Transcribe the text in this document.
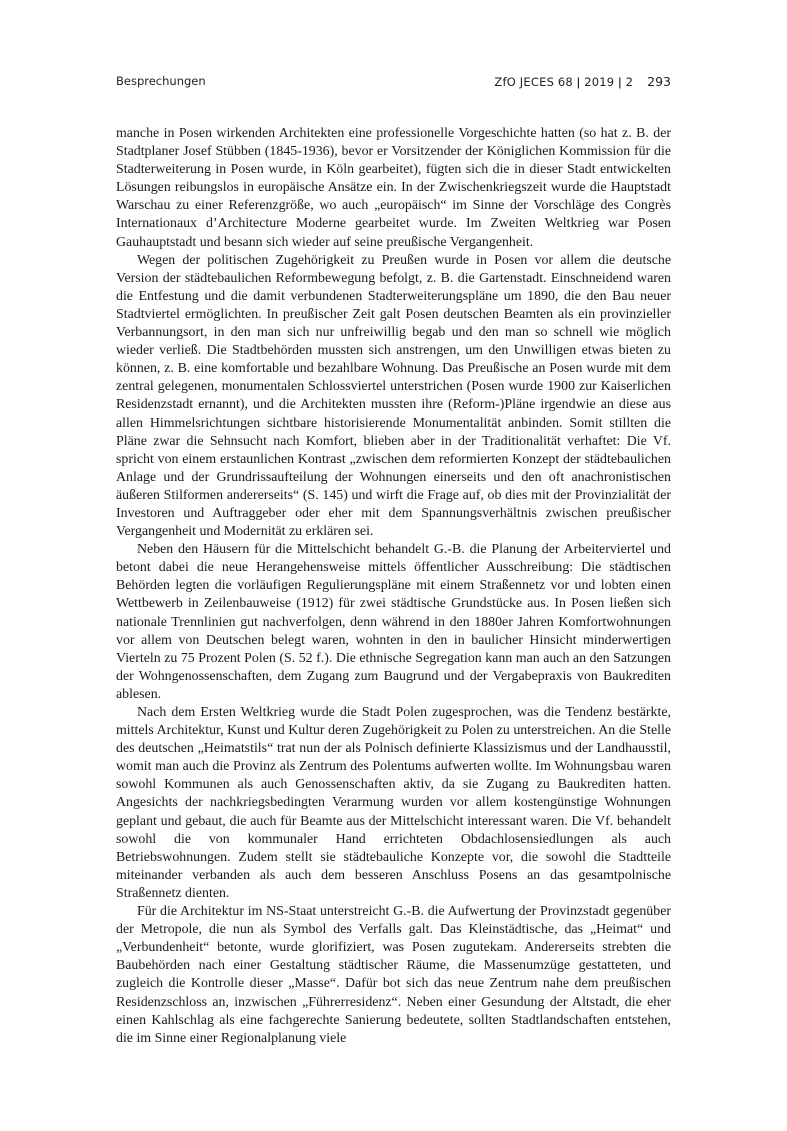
Besprechungen	ZfO JECES 68 ǀ 2019 ǀ 2 293

manche in Posen wirkenden Architekten eine professionelle Vorgeschichte hatten (so hat z. B. der Stadtplaner Josef Stübben (1845-1936), bevor er Vorsitzender der Königlichen Kommission für die Stadterweiterung in Posen wurde, in Köln gearbeitet), fügten sich die in dieser Stadt entwickelten Lösungen reibungslos in europäische Ansätze ein. In der Zwischenkriegszeit wurde die Hauptstadt Warschau zu einer Referenzgröße, wo auch „europäisch“ im Sinne der Vorschläge des Congrès Internationaux d’Architecture Moderne gearbeitet wurde. Im Zweiten Weltkrieg war Posen Gauhauptstadt und besann sich wieder auf seine preußische Vergangenheit.

Wegen der politischen Zugehörigkeit zu Preußen wurde in Posen vor allem die deutsche Version der städtebaulichen Reformbewegung befolgt, z. B. die Gartenstadt. Einschneidend waren die Entfestung und die damit verbundenen Stadterweiterungspläne um 1890, die den Bau neuer Stadtviertel ermöglichten. In preußischer Zeit galt Posen deutschen Beamten als ein provinzieller Verbannungsort, in den man sich nur unfreiwillig begab und den man so schnell wie möglich wieder verließ. Die Stadtbehörden mussten sich anstrengen, um den Unwilligen etwas bieten zu können, z. B. eine komfortable und bezahlbare Wohnung. Das Preußische an Posen wurde mit dem zentral gelegenen, monumentalen Schlossviertel unterstrichen (Posen wurde 1900 zur Kaiserlichen Residenzstadt ernannt), und die Architekten mussten ihre (Reform-)Pläne irgendwie an diese aus allen Himmelsrichtungen sichtbare historisierende Monumentalität anbinden. Somit stillten die Pläne zwar die Sehnsucht nach Komfort, blieben aber in der Traditionalität verhaftet: Die Vf. spricht von einem erstaunlichen Kontrast „zwischen dem reformierten Konzept der städtebaulichen Anlage und der Grundrissaufteilung der Wohnungen einerseits und den oft anachronistischen äußeren Stilformen andererseits“ (S. 145) und wirft die Frage auf, ob dies mit der Provinzialität der Investoren und Auftraggeber oder eher mit dem Spannungsverhältnis zwischen preußischer Vergangenheit und Modernität zu erklären sei.

Neben den Häusern für die Mittelschicht behandelt G.-B. die Planung der Arbeiterviertel und betont dabei die neue Herangehensweise mittels öffentlicher Ausschreibung: Die städtischen Behörden legten die vorläufigen Regulierungspläne mit einem Straßennetz vor und lobten einen Wettbewerb in Zeilenbauweise (1912) für zwei städtische Grundstücke aus. In Posen ließen sich nationale Trennlinien gut nachverfolgen, denn während in den 1880er Jahren Komfortwohnungen vor allem von Deutschen belegt waren, wohnten in den in baulicher Hinsicht minderwertigen Vierteln zu 75 Prozent Polen (S. 52 f.). Die ethnische Segregation kann man auch an den Satzungen der Wohngenossenschaften, dem Zugang zum Baugrund und der Vergabepraxis von Baukrediten ablesen.

Nach dem Ersten Weltkrieg wurde die Stadt Polen zugesprochen, was die Tendenz bestärkte, mittels Architektur, Kunst und Kultur deren Zugehörigkeit zu Polen zu unterstreichen. An die Stelle des deutschen „Heimatstils“ trat nun der als Polnisch definierte Klassizismus und der Landhausstil, womit man auch die Provinz als Zentrum des Polentums aufwerten wollte. Im Wohnungsbau waren sowohl Kommunen als auch Genossenschaften aktiv, da sie Zugang zu Baukrediten hatten. Angesichts der nachkriegsbedingten Verarmung wurden vor allem kostengünstige Wohnungen geplant und gebaut, die auch für Beamte aus der Mittelschicht interessant waren. Die Vf. behandelt sowohl die von kommunaler Hand errichteten Obdachlosensiedlungen als auch Betriebswohnungen. Zudem stellt sie städtebauliche Konzepte vor, die sowohl die Stadtteile miteinander verbanden als auch dem besseren Anschluss Posens an das gesamtpolnische Straßennetz dienten.

Für die Architektur im NS-Staat unterstreicht G.-B. die Aufwertung der Provinzstadt gegenüber der Metropole, die nun als Symbol des Verfalls galt. Das Kleinstädtische, das „Heimat“ und „Verbundenheit“ betonte, wurde glorifiziert, was Posen zugutekam. Andererseits strebten die Baubehörden nach einer Gestaltung städtischer Räume, die Massenumzüge gestatteten, und zugleich die Kontrolle dieser „Masse“. Dafür bot sich das neue Zentrum nahe dem preußischen Residenzschloss an, inzwischen „Führerresidenz“. Neben einer Gesundung der Altstadt, die eher einen Kahlschlag als eine fachgerechte Sanierung bedeutete, sollten Stadtlandschaften entstehen, die im Sinne einer Regionalplanung viele
